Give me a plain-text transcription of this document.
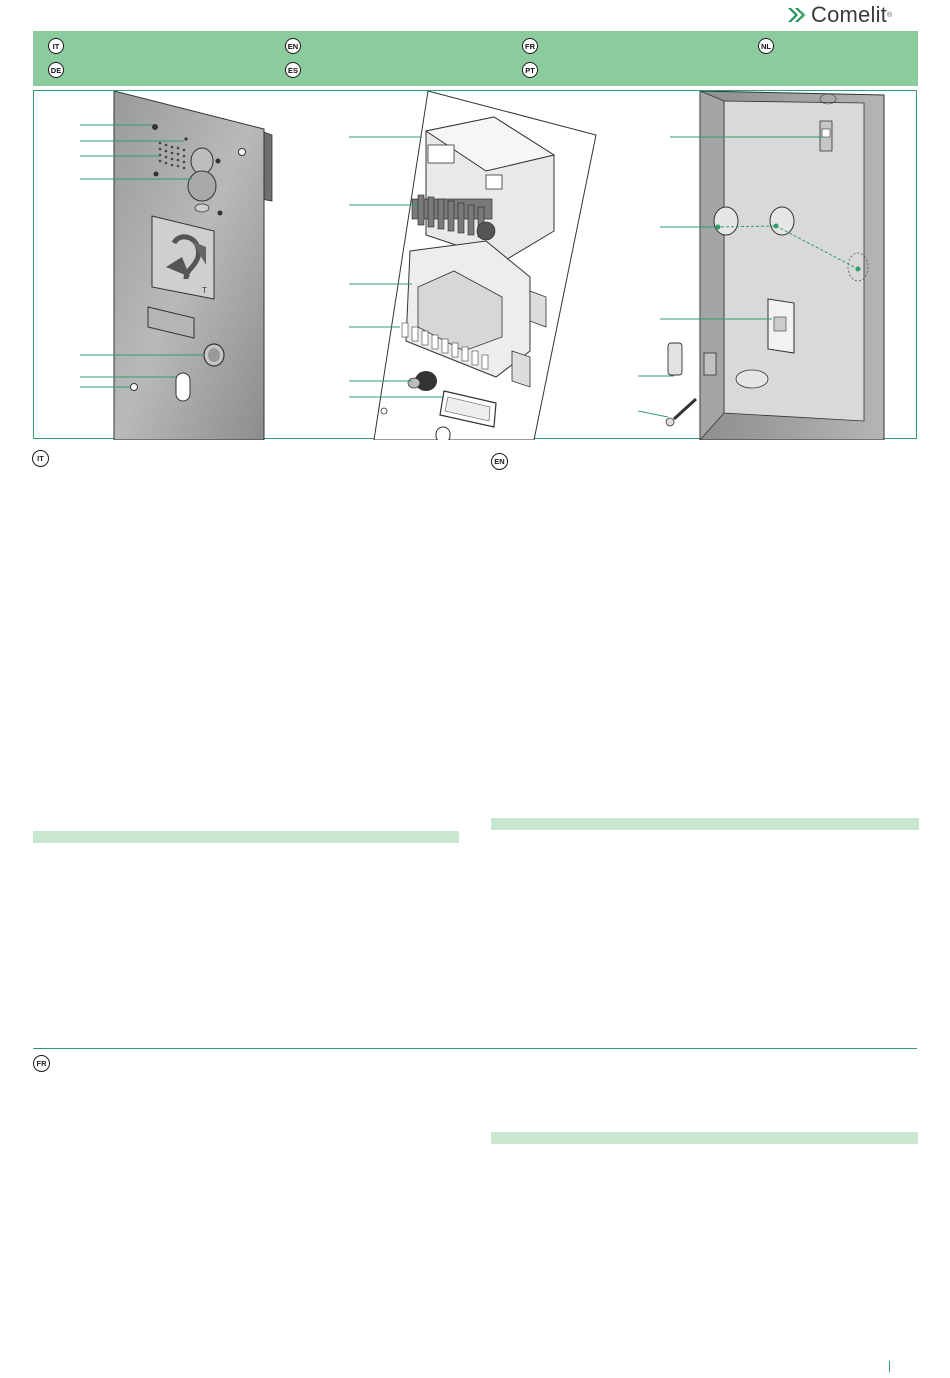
Comelit ®
IT	EN	FR	NL
DE	ES	PT
T
IT	EN
FR
